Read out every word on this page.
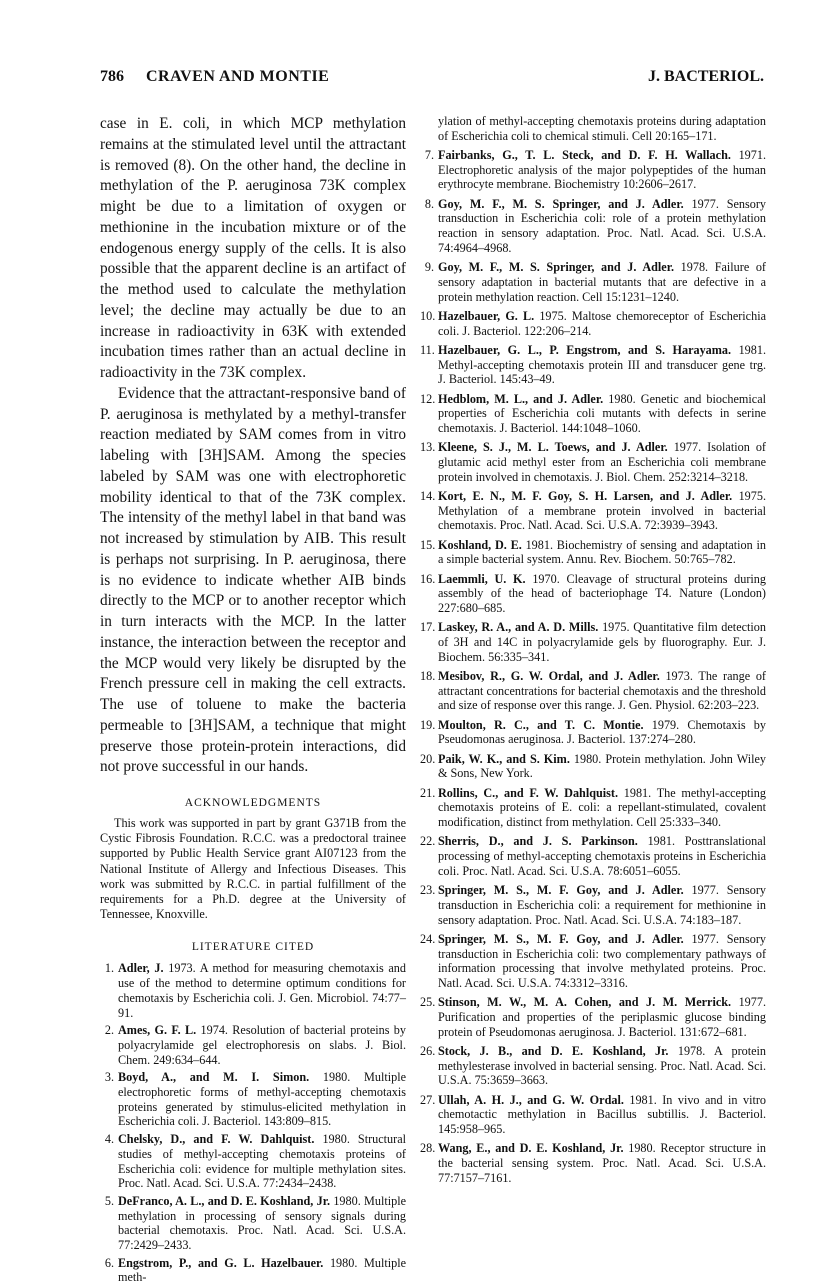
786 CRAVEN AND MONTIE	J. BACTERIOL.

case in E. coli, in which MCP methylation remains at the stimulated level until the attractant is removed (8). On the other hand, the decline in methylation of the P. aeruginosa 73K complex might be due to a limitation of oxygen or methionine in the incubation mixture or of the endogenous energy supply of the cells. It is also possible that the apparent decline is an artifact of the method used to calculate the methylation level; the decline may actually be due to an increase in radioactivity in 63K with extended incubation times rather than an actual decline in radioactivity in the 73K complex.

Evidence that the attractant-responsive band of P. aeruginosa is methylated by a methyl-transfer reaction mediated by SAM comes from in vitro labeling with [3H]SAM. Among the species labeled by SAM was one with electrophoretic mobility identical to that of the 73K complex. The intensity of the methyl label in that band was not increased by stimulation by AIB. This result is perhaps not surprising. In P. aeruginosa, there is no evidence to indicate whether AIB binds directly to the MCP or to another receptor which in turn interacts with the MCP. In the latter instance, the interaction between the receptor and the MCP would very likely be disrupted by the French pressure cell in making the cell extracts. The use of toluene to make the bacteria permeable to [3H]SAM, a technique that might preserve those protein-protein interactions, did not prove successful in our hands.

ACKNOWLEDGMENTS

This work was supported in part by grant G371B from the Cystic Fibrosis Foundation. R.C.C. was a predoctoral trainee supported by Public Health Service grant AI07123 from the National Institute of Allergy and Infectious Diseases. This work was submitted by R.C.C. in partial fulfillment of the requirements for a Ph.D. degree at the University of Tennessee, Knoxville.

LITERATURE CITED
1 . Adler, J. 1973. A method for measuring chemotaxis and use of the method to determine optimum conditions for chemotaxis by Escherichia coli. J. Gen. Microbiol. 74:77–91.
2 . Ames, G. F. L. 1974. Resolution of bacterial proteins by polyacrylamide gel electrophoresis on slabs. J. Biol. Chem. 249:634–644.
3 . Boyd, A., and M. I. Simon. 1980. Multiple electrophoretic forms of methyl-accepting chemotaxis proteins generated by stimulus-elicited methylation in Escherichia coli. J. Bacteriol. 143:809–815.
4 . Chelsky, D., and F. W. Dahlquist. 1980. Structural studies of methyl-accepting chemotaxis proteins of Escherichia coli: evidence for multiple methylation sites. Proc. Natl. Acad. Sci. U.S.A. 77:2434–2438.
5 . DeFranco, A. L., and D. E. Koshland, Jr. 1980. Multiple methylation in processing of sensory signals during bacterial chemotaxis. Proc. Natl. Acad. Sci. U.S.A. 77:2429–2433.
6 . Engstrom, P., and G. L. Hazelbauer. 1980. Multiple meth-
ylation of methyl-accepting chemotaxis proteins during adaptation of Escherichia coli to chemical stimuli. Cell 20:165–171.
7 . Fairbanks, G., T. L. Steck, and D. F. H. Wallach. 1971. Electrophoretic analysis of the major polypeptides of the human erythrocyte membrane. Biochemistry 10:2606–2617.
8 . Goy, M. F., M. S. Springer, and J. Adler. 1977. Sensory transduction in Escherichia coli: role of a protein methylation reaction in sensory adaptation. Proc. Natl. Acad. Sci. U.S.A. 74:4964–4968.
9 . Goy, M. F., M. S. Springer, and J. Adler. 1978. Failure of sensory adaptation in bacterial mutants that are defective in a protein methylation reaction. Cell 15:1231–1240.
10 . Hazelbauer, G. L. 1975. Maltose chemoreceptor of Escherichia coli. J. Bacteriol. 122:206–214.
11 . Hazelbauer, G. L., P. Engstrom, and S. Harayama. 1981. Methyl-accepting chemotaxis protein III and transducer gene trg. J. Bacteriol. 145:43–49.
12 . Hedblom, M. L., and J. Adler. 1980. Genetic and biochemical properties of Escherichia coli mutants with defects in serine chemotaxis. J. Bacteriol. 144:1048–1060.
13 . Kleene, S. J., M. L. Toews, and J. Adler. 1977. Isolation of glutamic acid methyl ester from an Escherichia coli membrane protein involved in chemotaxis. J. Biol. Chem. 252:3214–3218.
14 . Kort, E. N., M. F. Goy, S. H. Larsen, and J. Adler. 1975. Methylation of a membrane protein involved in bacterial chemotaxis. Proc. Natl. Acad. Sci. U.S.A. 72:3939–3943.
15 . Koshland, D. E. 1981. Biochemistry of sensing and adaptation in a simple bacterial system. Annu. Rev. Biochem. 50:765–782.
16 . Laemmli, U. K. 1970. Cleavage of structural proteins during assembly of the head of bacteriophage T4. Nature (London) 227:680–685.
17 . Laskey, R. A., and A. D. Mills. 1975. Quantitative film detection of 3H and 14C in polyacrylamide gels by fluorography. Eur. J. Biochem. 56:335–341.
18 . Mesibov, R., G. W. Ordal, and J. Adler. 1973. The range of attractant concentrations for bacterial chemotaxis and the threshold and size of response over this range. J. Gen. Physiol. 62:203–223.
19 . Moulton, R. C., and T. C. Montie. 1979. Chemotaxis by Pseudomonas aeruginosa. J. Bacteriol. 137:274–280.
20 . Paik, W. K., and S. Kim. 1980. Protein methylation. John Wiley & Sons, New York.
21 . Rollins, C., and F. W. Dahlquist. 1981. The methyl-accepting chemotaxis proteins of E. coli: a repellant-stimulated, covalent modification, distinct from methylation. Cell 25:333–340.
22 . Sherris, D., and J. S. Parkinson. 1981. Posttranslational processing of methyl-accepting chemotaxis proteins in Escherichia coli. Proc. Natl. Acad. Sci. U.S.A. 78:6051–6055.
23 . Springer, M. S., M. F. Goy, and J. Adler. 1977. Sensory transduction in Escherichia coli: a requirement for methionine in sensory adaptation. Proc. Natl. Acad. Sci. U.S.A. 74:183–187.
24 . Springer, M. S., M. F. Goy, and J. Adler. 1977. Sensory transduction in Escherichia coli: two complementary pathways of information processing that involve methylated proteins. Proc. Natl. Acad. Sci. U.S.A. 74:3312–3316.
25 . Stinson, M. W., M. A. Cohen, and J. M. Merrick. 1977. Purification and properties of the periplasmic glucose binding protein of Pseudomonas aeruginosa. J. Bacteriol. 131:672–681.
26 . Stock, J. B., and D. E. Koshland, Jr. 1978. A protein methylesterase involved in bacterial sensing. Proc. Natl. Acad. Sci. U.S.A. 75:3659–3663.
27 . Ullah, A. H. J., and G. W. Ordal. 1981. In vivo and in vitro chemotactic methylation in Bacillus subtillis. J. Bacteriol. 145:958–965.
28 . Wang, E., and D. E. Koshland, Jr. 1980. Receptor structure in the bacterial sensing system. Proc. Natl. Acad. Sci. U.S.A. 77:7157–7161.
